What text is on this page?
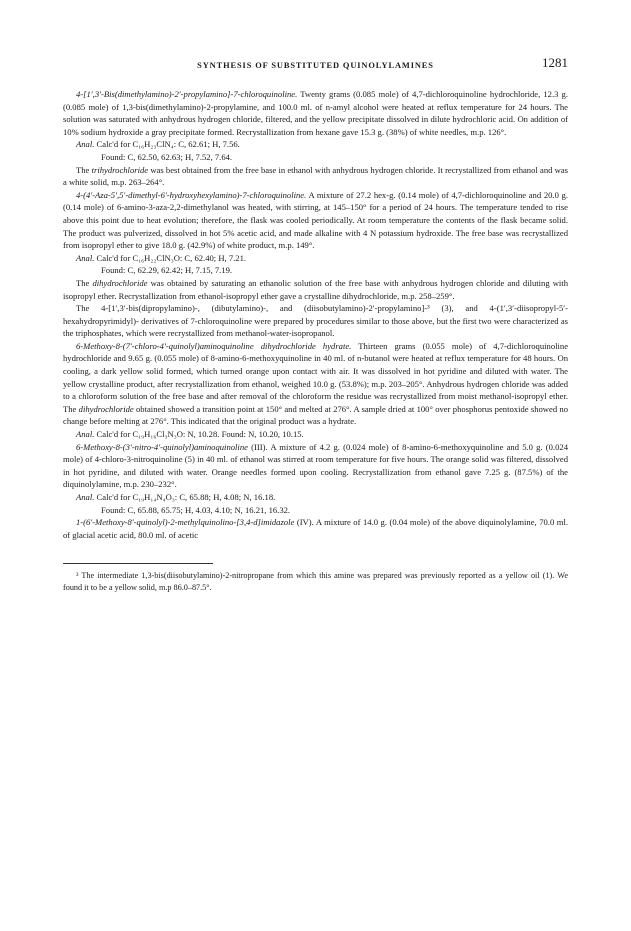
SYNTHESIS OF SUBSTITUTED QUINOLYLAMINES	1281

4-[1′,3′-Bis(dimethylamino)-2′-propylamino]-7-chloroquinoline. Twenty grams (0.085 mole) of 4,7-dichloroquinoline hydrochloride, 12.3 g. (0.085 mole) of 1,3-bis(dimethylamino)-2-propylamine, and 100.0 ml. of n-amyl alcohol were heated at reflux temperature for 24 hours. The solution was saturated with anhydrous hydrogen chloride, filtered, and the yellow precipitate dissolved in dilute hydrochloric acid. On addition of 10% sodium hydroxide a gray precipitate formed. Recrystallization from hexane gave 15.3 g. (38%) of white needles, m.p. 126°.

Anal. Calc'd for C₁₆H₂₃ClN₄: C, 62.61; H, 7.56.

Found: C, 62.50, 62.63; H, 7.52, 7.64.

The trihydrochloride was best obtained from the free base in ethanol with anhydrous hydrogen chloride. It recrystallized from ethanol and was a white solid, m.p. 263–264°.

4-(4′-Aza-5′,5′-dimethyl-6′-hydroxyhexylamino)-7-chloroquinoline. A mixture of 27.2 hex-g. (0.14 mole) of 4,7-dichloroquinoline and 20.0 g. (0.14 mole) of 6-amino-3-aza-2,2-dimethylanol was heated, with stirring, at 145–150° for a period of 24 hours. The temperature tended to rise above this point due to heat evolution; therefore, the flask was cooled periodically. At room temperature the contents of the flask became solid. The product was pulverized, dissolved in hot 5% acetic acid, and made alkaline with 4 N potassium hydroxide. The free base was recrystallized from isopropyl ether to give 18.0 g. (42.9%) of white product, m.p. 149°.

Anal. Calc'd for C₁₆H₂₂ClN₃O: C, 62.40; H, 7.21.

Found: C, 62.29, 62.42; H, 7.15, 7.19.

The dihydrochloride was obtained by saturating an ethanolic solution of the free base with anhydrous hydrogen chloride and diluting with isopropyl ether. Recrystallization from ethanol-isopropyl ether gave a crystalline dihydrochloride, m.p. 258–259°.

The 4-[1′,3′-bis(dipropylamino)-, (dibutylamino)-, and (diisobutylamino)-2′-propylamino]-³ (3), and 4-(1′,3′-diisopropyl-5′-hexahydropyrimidyl)- derivatives of 7-chloroquinoline were prepared by procedures similar to those above, but the first two were characterized as the triphosphates, which were recrystallized from methanol-water-isopropanol.

6-Methoxy-8-(7′-chloro-4′-quinolyl)aminoquinoline dihydrochloride hydrate. Thirteen grams (0.055 mole) of 4,7-dichloroquinoline hydrochloride and 9.65 g. (0.055 mole) of 8-amino-6-methoxyquinoline in 40 ml. of n-butanol were heated at reflux temperature for 48 hours. On cooling, a dark yellow solid formed, which turned orange upon contact with air. It was dissolved in hot pyridine and diluted with water. The yellow crystalline product, after recrystallization from ethanol, weighed 10.0 g. (53.8%); m.p. 203–205°. Anhydrous hydrogen chloride was added to a chloroform solution of the free base and after removal of the chloroform the residue was recrystallized from moist methanol-isopropyl ether. The dihydrochloride obtained showed a transition point at 150° and melted at 276°. A sample dried at 100° over phosphorus pentoxide showed no change before melting at 276°. This indicated that the original product was a hydrate.

Anal. Calc'd for C₁₉H₁₆Cl₃N₃O: N, 10.28. Found: N, 10.20, 10.15.

6-Methoxy-8-(3′-nitro-4′-quinolyl)aminoquinoline (III). A mixture of 4.2 g. (0.024 mole) of 8-amino-6-methoxyquinoline and 5.0 g. (0.024 mole) of 4-chloro-3-nitroquinoline (5) in 40 ml. of ethanol was stirred at room temperature for five hours. The orange solid was filtered, dissolved in hot pyridine, and diluted with water. Orange needles formed upon cooling. Recrystallization from ethanol gave 7.25 g. (87.5%) of the diquinolylamine, m.p. 230–232°.

Anal. Calc'd for C₁₉H₁₄N₄O₃: C, 65.88; H, 4.08; N, 16.18.

Found: C, 65.88, 65.75; H, 4.03, 4.10; N, 16.21, 16.32.

1-(6′-Methoxy-8′-quinolyl)-2-methylquinolino-[3,4-d]imidazole (IV). A mixture of 14.0 g. (0.04 mole) of the above diquinolylamine, 70.0 ml. of glacial acetic acid, 80.0 ml. of acetic

³ The intermediate 1,3-bis(diisobutylamino)-2-nitropropane from which this amine was prepared was previously reported as a yellow oil (1). We found it to be a yellow solid, m.p 86.0–87.5°.
